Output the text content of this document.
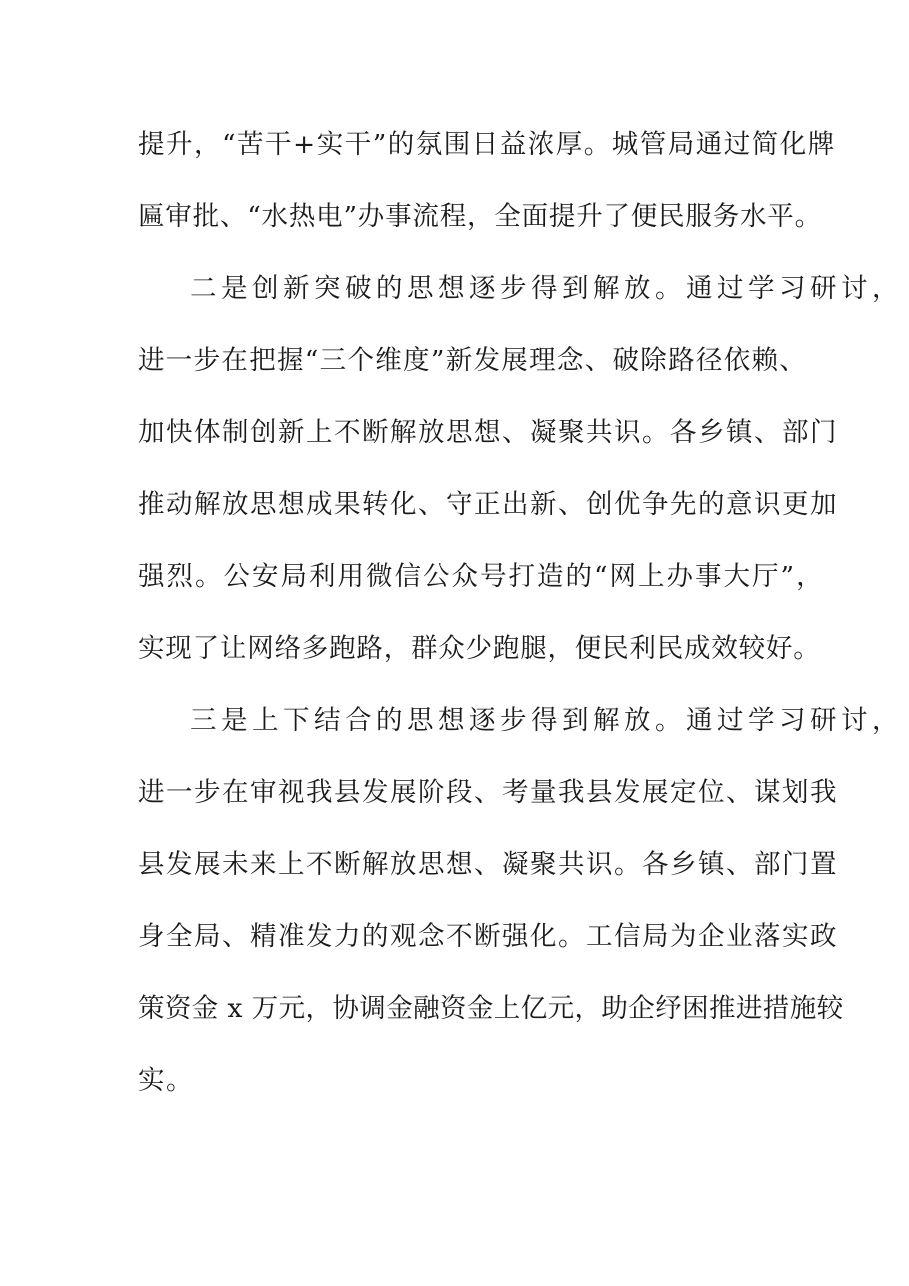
提升，“苦干+实干”的氛围日益浓厚。城管局通过简化牌
匾审批、“水热电”办事流程，全面提升了便民服务水平。
二是创新突破的思想逐步得到解放。通过学习研讨，
进一步在把握“三个维度”新发展理念、破除路径依赖、
加快体制创新上不断解放思想、凝聚共识。各乡镇、部门
推动解放思想成果转化、守正出新、创优争先的意识更加
强烈。公安局利用微信公众号打造的“网上办事大厅”，
实现了让网络多跑路，群众少跑腿，便民利民成效较好。
三是上下结合的思想逐步得到解放。通过学习研讨，
进一步在审视我县发展阶段、考量我县发展定位、谋划我
县发展未来上不断解放思想、凝聚共识。各乡镇、部门置
身全局、精准发力的观念不断强化。工信局为企业落实政
策资金 x 万元，协调金融资金上亿元，助企纾困推进措施较
实。
